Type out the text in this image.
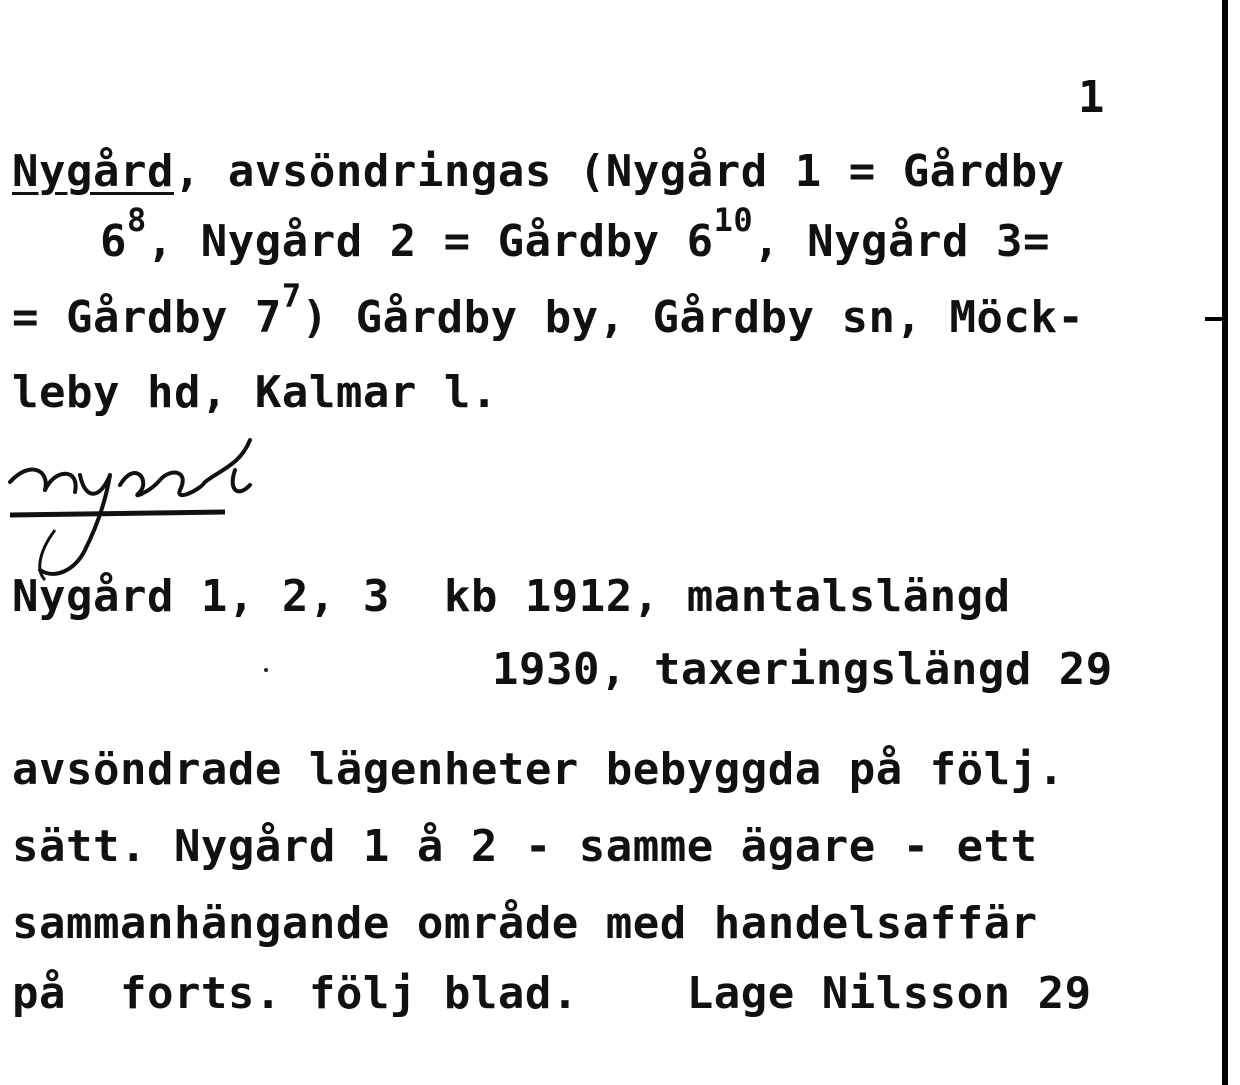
1
Nygård, avsöndringas (Nygård 1 = Gårdby
$6^8$, Nygård 2 = Gårdby $6^{10}$, Nygård 3=
= Gårdby $7^7$) Gårdby by, Gårdby sn, Möck-
leby hd, Kalmar l.
Nygård 1, 2, 3  kb 1912, mantalslängd
1930, taxeringslängd 29
avsöndrade lägenheter bebyggda på följ.
sätt. Nygård 1 å 2 - samme ägare - ett
sammanhängande område med handelsaffär
på  forts. följ blad.    Lage Nilsson 29
